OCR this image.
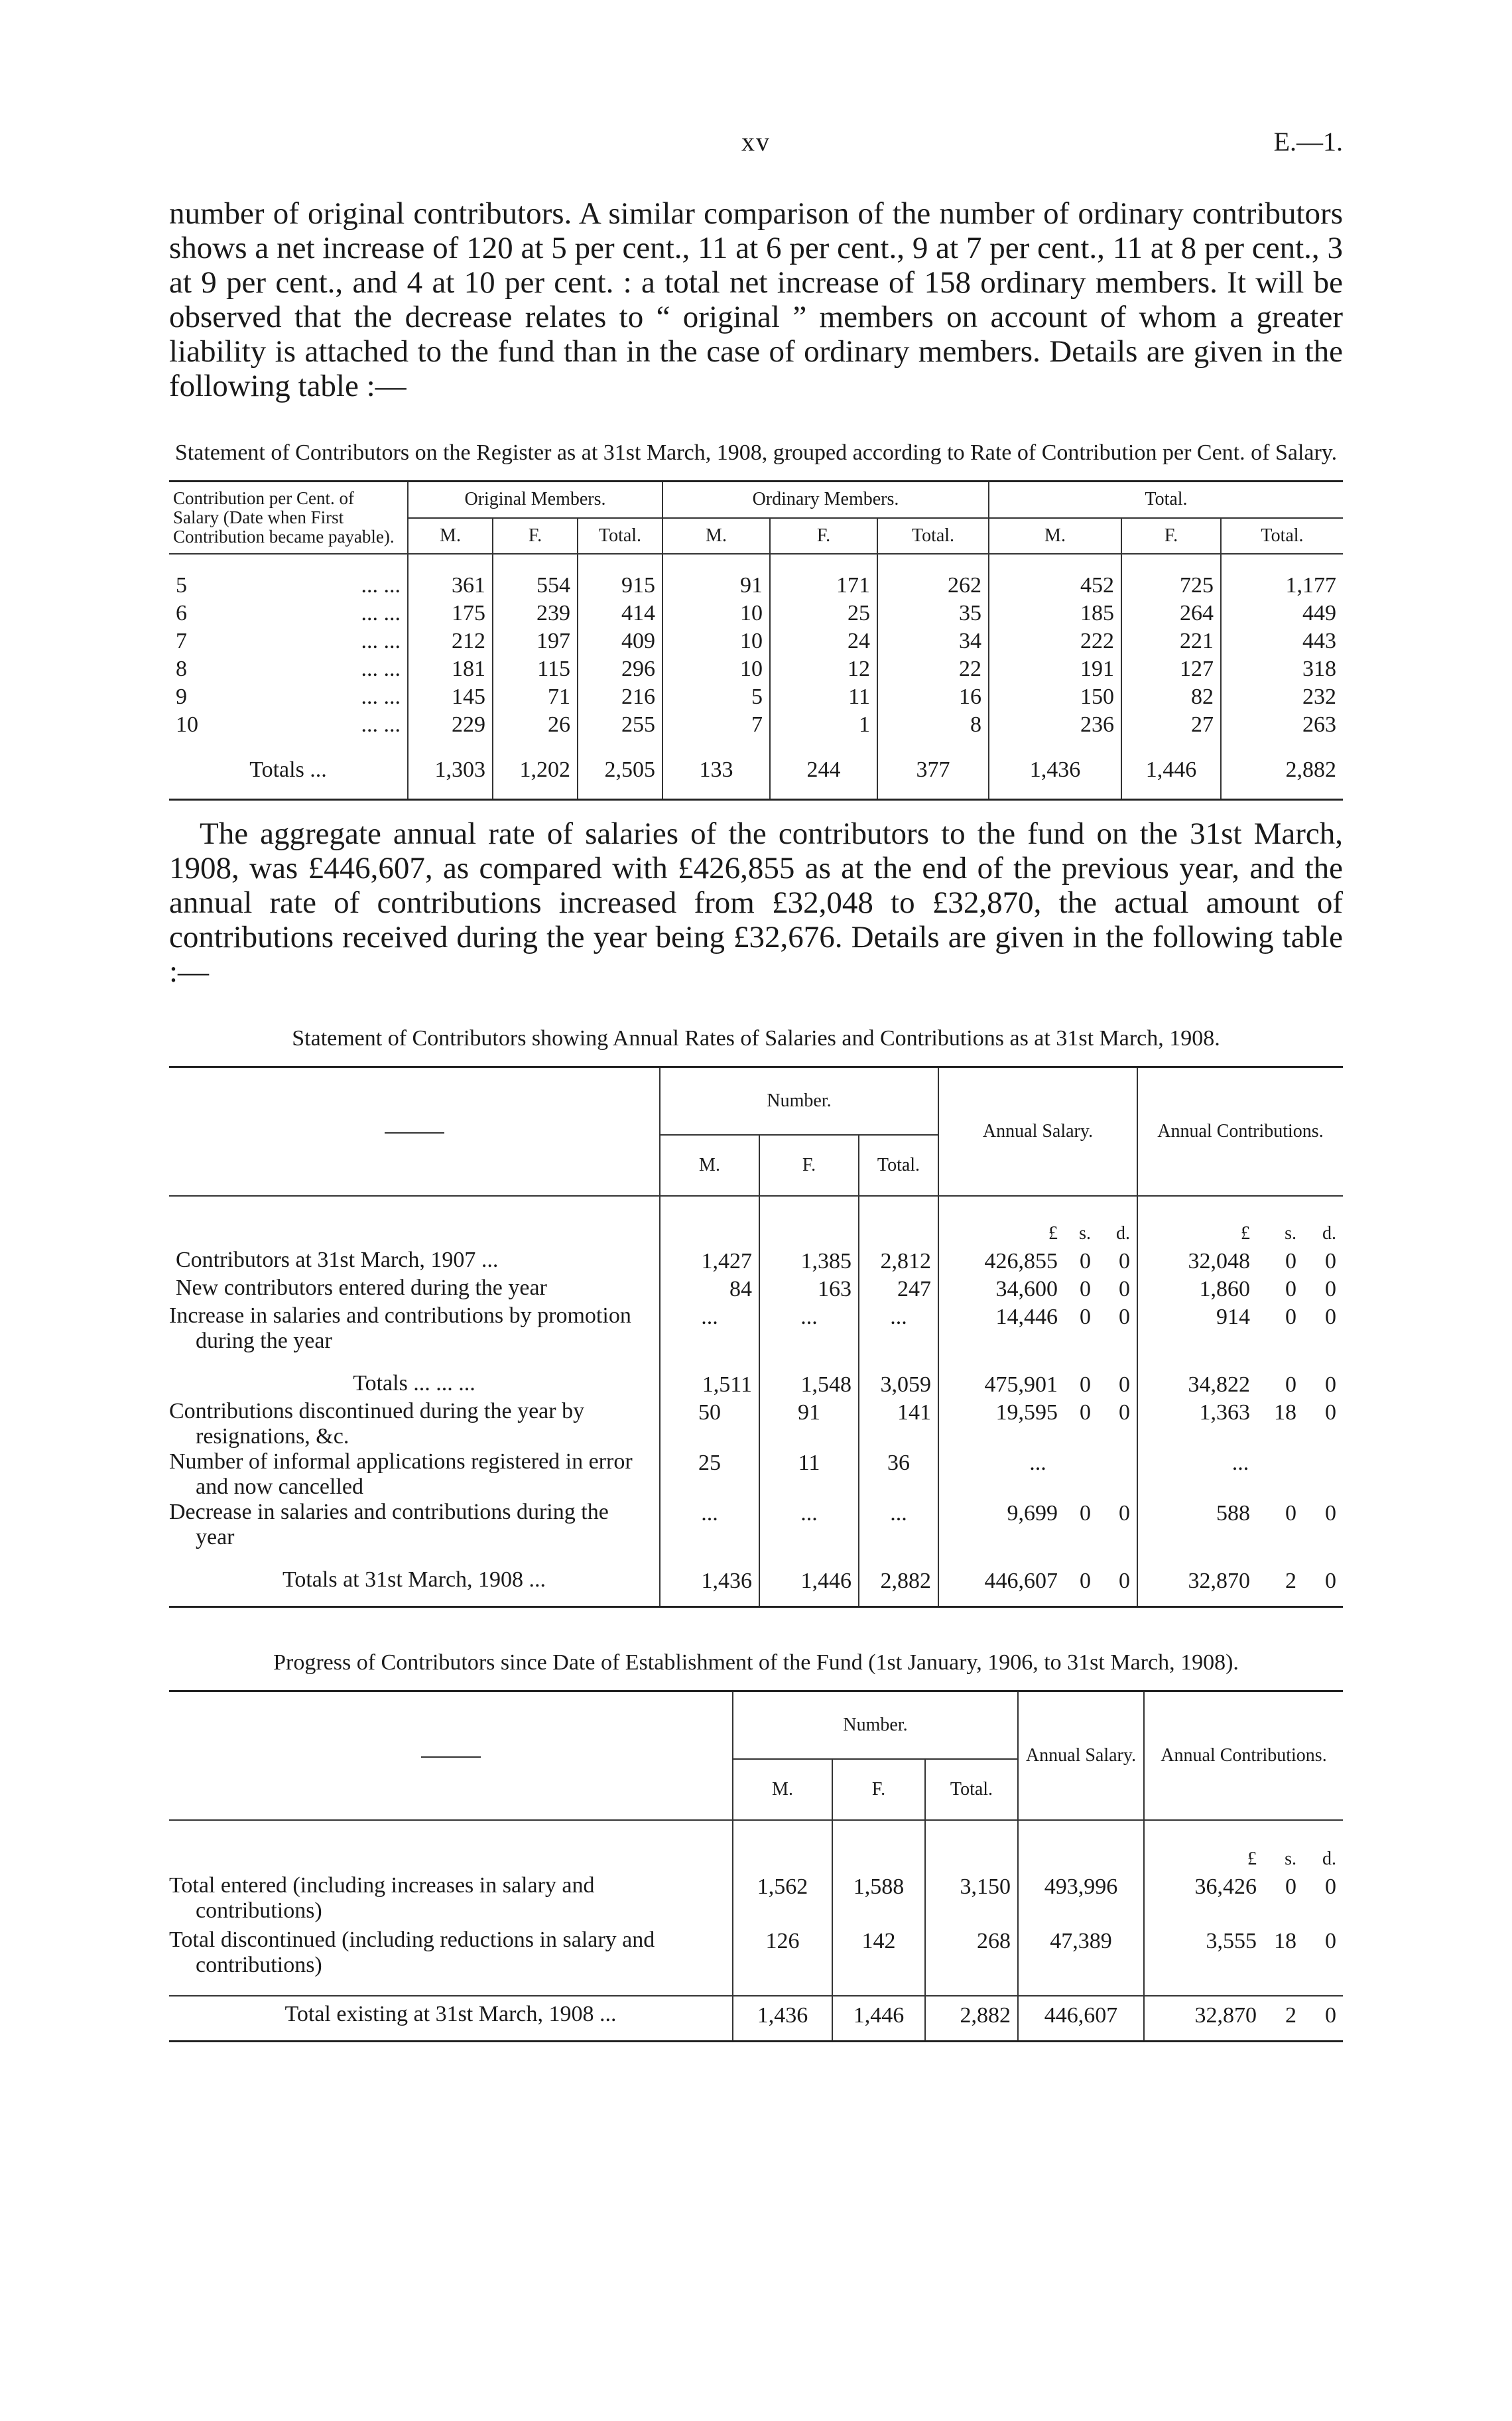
xv	E.—1.

number of original contributors. A similar comparison of the number of ordinary contributors shows a net increase of 120 at 5 per cent., 11 at 6 per cent., 9 at 7 per cent., 11 at 8 per cent., 3 at 9 per cent., and 4 at 10 per cent. : a total net increase of 158 ordinary members. It will be observed that the decrease relates to “ original ” members on account of whom a greater liability is attached to the fund than in the case of ordinary members. Details are given in the following table :—

Statement of Contributors on the Register as at 31st March, 1908, grouped according to Rate of Contribution per Cent. of Salary.
Contribution per Cent. of Salary (Date when First Contribution became payable).	Original Members.			Ordinary Members.			Total.		
	M.	F.	Total.	M.	F.	Total.	M.	F.	Total.

5 ... ...	361	554	915	91	171	262	452	725	1,177
6 ... ...	175	239	414	10	25	35	185	264	449
7 ... ...	212	197	409	10	24	34	222	221	443
8 ... ...	181	115	296	10	12	22	191	127	318
9 ... ...	145	71	216	5	11	16	150	82	232
10 ... ...	229	26	255	7	1	8	236	27	263

Totals ...	1,303	1,202	2,505	133	244	377	1,436	1,446	2,882

The aggregate annual rate of salaries of the contributors to the fund on the 31st March, 1908, was £446,607, as compared with £426,855 as at the end of the previous year, and the annual rate of contributions increased from £32,048 to £32,870, the actual amount of contributions received during the year being £32,676. Details are given in the following table :—

Statement of Contributors showing Annual Rates of Salaries and Contributions as at 31st March, 1908.
	Number.			Annual Salary.			Annual Contributions.		
	M.	F.	Total.						
				£	s.	d.	£	s.	d.
Contributors at 31st March, 1907 ...	1,427	1,385	2,812	426,855	0	0	32,048	0	0
New contributors entered during the year	84	163	247	34,600	0	0	1,860	0	0
Increase in salaries and contributions by promotion during the year	...	...	...	14,446	0	0	914	0	0

Totals ... ... ...	1,511	1,548	3,059	475,901	0	0	34,822	0	0
Contributions discontinued during the year by resignations, &c.	50	91	141	19,595	0	0	1,363	18	0
Number of informal applications registered in error and now cancelled	25	11	36	...			...		
Decrease in salaries and contributions during the year	...	...	...	9,699	0	0	588	0	0

Totals at 31st March, 1908 ...	1,436	1,446	2,882	446,607	0	0	32,870	2	0
Progress of Contributors since Date of Establishment of the Fund (1st January, 1906, to 31st March, 1908).
	Number.			Annual Salary.	Annual Contributions.		
	M.	F.	Total.				
					£	s.	d.
Total entered (including increases in salary and contributions)	1,562	1,588	3,150	493,996	36,426	0	0
Total discontinued (including reductions in salary and contributions)	126	142	268	47,389	3,555	18	0

Total existing at 31st March, 1908 ...	1,436	1,446	2,882	446,607	32,870	2	0
